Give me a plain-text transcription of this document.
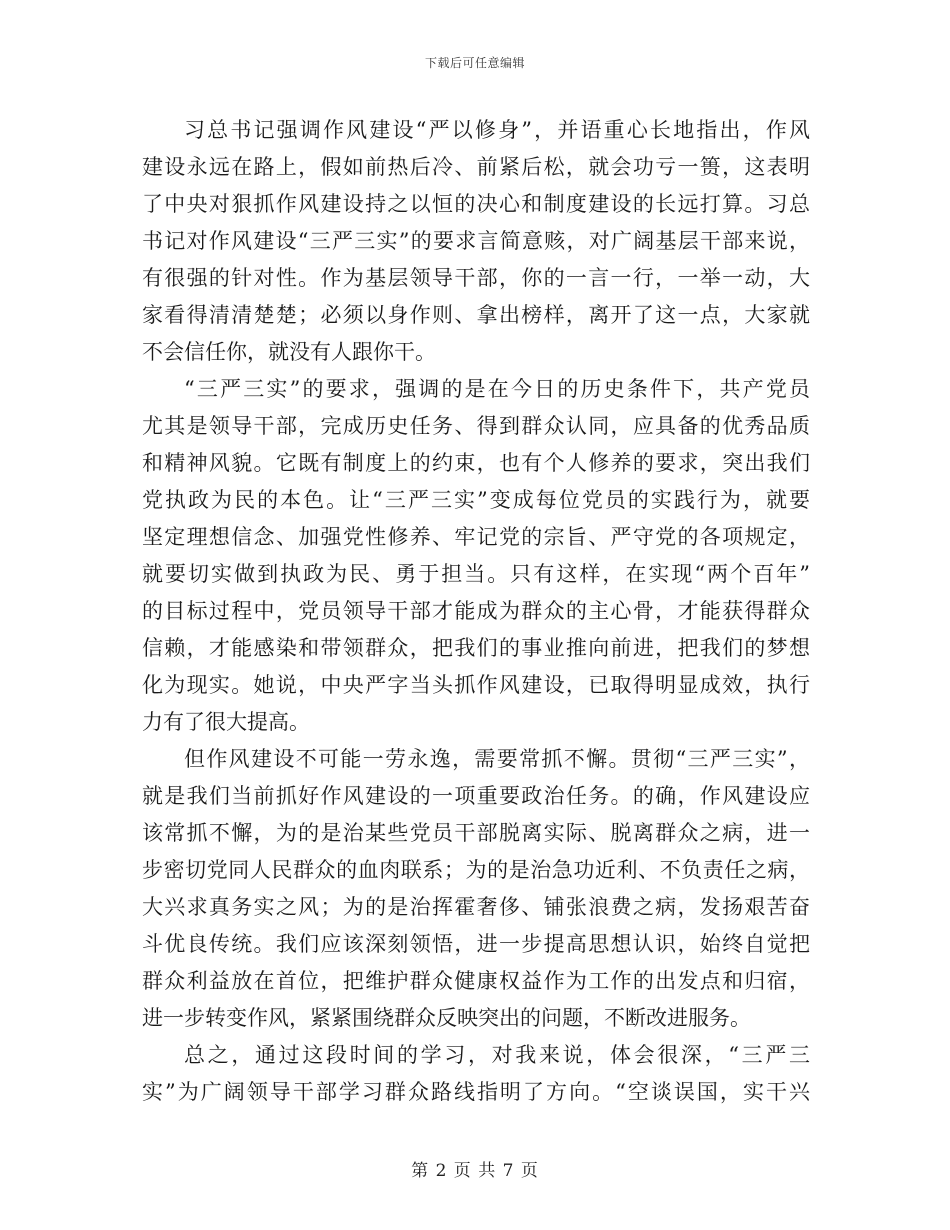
下载后可任意编辑
习总书记强调作风建设“严以修身”，并语重心长地指出，作风
建设永远在路上，假如前热后冷、前紧后松，就会功亏一篑，这表明
了中央对狠抓作风建设持之以恒的决心和制度建设的长远打算。习总
书记对作风建设“三严三实”的要求言简意赅，对广阔基层干部来说，
有很强的针对性。作为基层领导干部，你的一言一行，一举一动，大
家看得清清楚楚；必须以身作则、拿出榜样，离开了这一点，大家就
不会信任你，就没有人跟你干。
“三严三实”的要求，强调的是在今日的历史条件下，共产党员
尤其是领导干部，完成历史任务、得到群众认同，应具备的优秀品质
和精神风貌。它既有制度上的约束，也有个人修养的要求，突出我们
党执政为民的本色。让“三严三实”变成每位党员的实践行为，就要
坚定理想信念、加强党性修养、牢记党的宗旨、严守党的各项规定，
就要切实做到执政为民、勇于担当。只有这样，在实现“两个百年”
的目标过程中，党员领导干部才能成为群众的主心骨，才能获得群众
信赖，才能感染和带领群众，把我们的事业推向前进，把我们的梦想
化为现实。她说，中央严字当头抓作风建设，已取得明显成效，执行
力有了很大提高。
但作风建设不可能一劳永逸，需要常抓不懈。贯彻“三严三实”，
就是我们当前抓好作风建设的一项重要政治任务。的确，作风建设应
该常抓不懈，为的是治某些党员干部脱离实际、脱离群众之病，进一
步密切党同人民群众的血肉联系；为的是治急功近利、不负责任之病，
大兴求真务实之风；为的是治挥霍奢侈、铺张浪费之病，发扬艰苦奋
斗优良传统。我们应该深刻领悟，进一步提高思想认识，始终自觉把
群众利益放在首位，把维护群众健康权益作为工作的出发点和归宿，
进一步转变作风，紧紧围绕群众反映突出的问题，不断改进服务。
总之，通过这段时间的学习，对我来说，体会很深，“三严三
实”为广阔领导干部学习群众路线指明了方向。“空谈误国，实干兴
第 2 页 共 7 页
